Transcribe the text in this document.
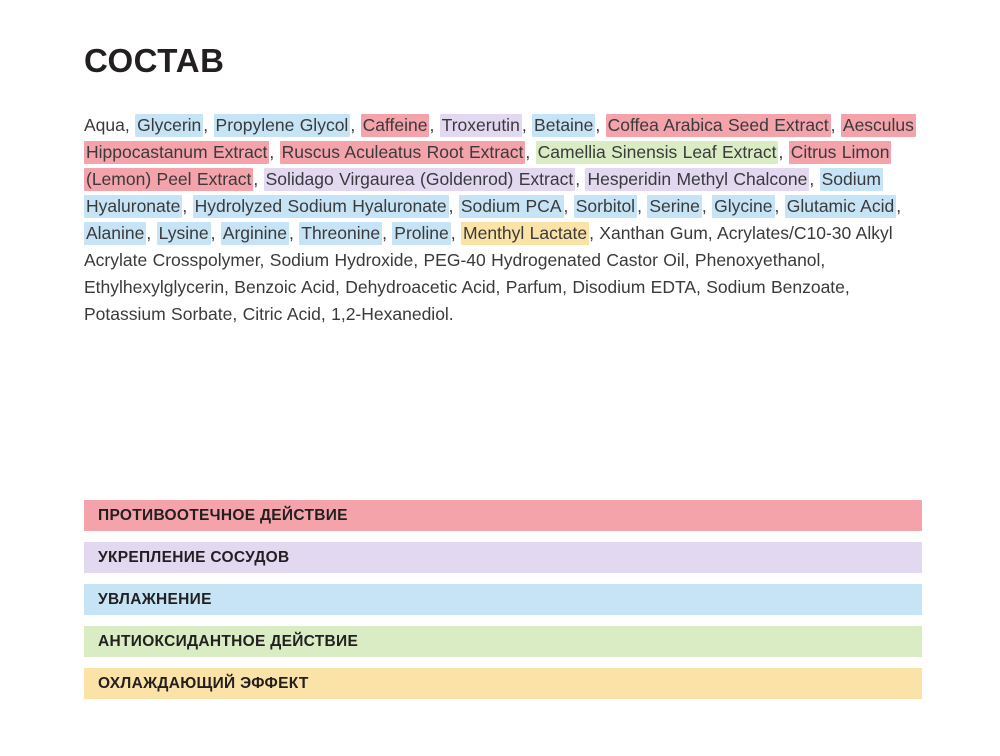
СОСТАВ
Aqua, Glycerin , Propylene Glycol , Caffeine , Troxerutin , Betaine , Coffea Arabica Seed Extract , Aesculus Hippocastanum Extract , Ruscus Aculeatus Root Extract , Camellia Sinensis Leaf Extract , Citrus Limon (Lemon) Peel Extract , Solidago Virgaurea (Goldenrod) Extract , Hesperidin Methyl Chalcone , Sodium Hyaluronate , Hydrolyzed Sodium Hyaluronate , Sodium PCA , Sorbitol , Serine , Glycine , Glutamic Acid , Alanine , Lysine , Arginine , Threonine , Proline , Menthyl Lactate , Xanthan Gum, Acrylates/C10-30 Alkyl Acrylate Crosspolymer, Sodium Hydroxide, PEG-40 Hydrogenated Castor Oil, Phenoxyethanol, Ethylhexylglycerin, Benzoic Acid, Dehydroacetic Acid, Parfum, Disodium EDTA, Sodium Benzoate, Potassium Sorbate, Citric Acid, 1,2-Hexanediol.
ПРОТИВООТЕЧНОЕ ДЕЙСТВИЕ
УКРЕПЛЕНИЕ СОСУДОВ
УВЛАЖНЕНИЕ
АНТИОКСИДАНТНОЕ ДЕЙСТВИЕ
ОХЛАЖДАЮЩИЙ ЭФФЕКТ
